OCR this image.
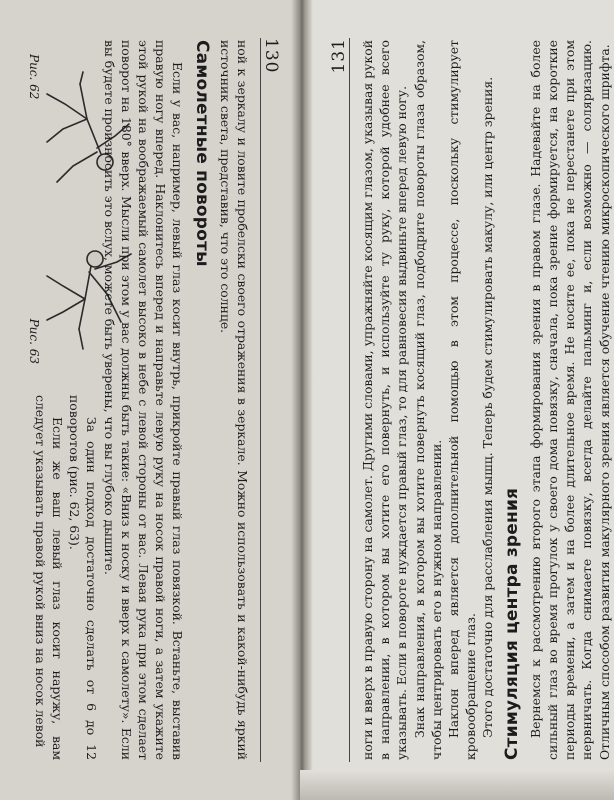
130
Рис. 62
Рис. 63	ной к зеркалу и ловите пробелски своего отражения в зеркале. Можно использовать и какой-нибудь яркий источник света, представив, что это солнце.

Самолетные повороты

Если у вас, например, левый глаз косит внутрь, прикройте правый глаз повязкой. Встаньте, выставив правую ногу вперед. Наклонитесь вперед и направьте левую руку на носок правой ноги, а затем укажите этой рукой на воображаемый самолет высоко в небе с левой стороны от вас. Левая рука при этом сделает поворот на 180° вверх. Мысли при этом у вас должны быть такие: «Вниз к носку и вверх к самолету». Если вы будете произносить это вслух, можете быть уверены, что вы глубоко дышите.

За один подход достаточно сделать от 6 до 12 поворотов (рис. 62, 63).

Если же ваш левый глаз косит наружу, вам следует указывать правой рукой вниз на носок левой

131 ноги и вверх в правую сторону на самолет. Другими словами, упражняйте косящим глазом, указывая рукой в направлении, в котором вы хотите его повернуть, и используйте ту руку, которой удобнее всего указывать. Если в повороте нуждается правый глаз, то для равновесия выдвиньте вперед левую ногу. Знак направления, в котором вы хотите повернуть косящий глаз, подбодрите повороты глаза образом, чтобы центрировать его в нужном направлении. Наклон вперед является дополнительной помощью в этом процессе, поскольку стимулирует кровообращение глаз. Этого достаточно для расслабления мышц. Теперь будем стимулировать макулу, или центр зрения. Стимуляция центра зрения Вернемся к рассмотрению второго этапа формирования зрения в правом глазе. Надевайте на более сильный глаз во время прогулок у своего дома повязку, сначала, пока зрение формируется, на короткие периоды времени, а затем и на более длительное время. Не носите ее, пока не перестанете при этом нервничать. Когда снимаете повязку, всегда делайте пальминг и, если возможно — соляризацию. Отличным способом развития макулярного зрения является обучение чтению микроскопического шрифта.
